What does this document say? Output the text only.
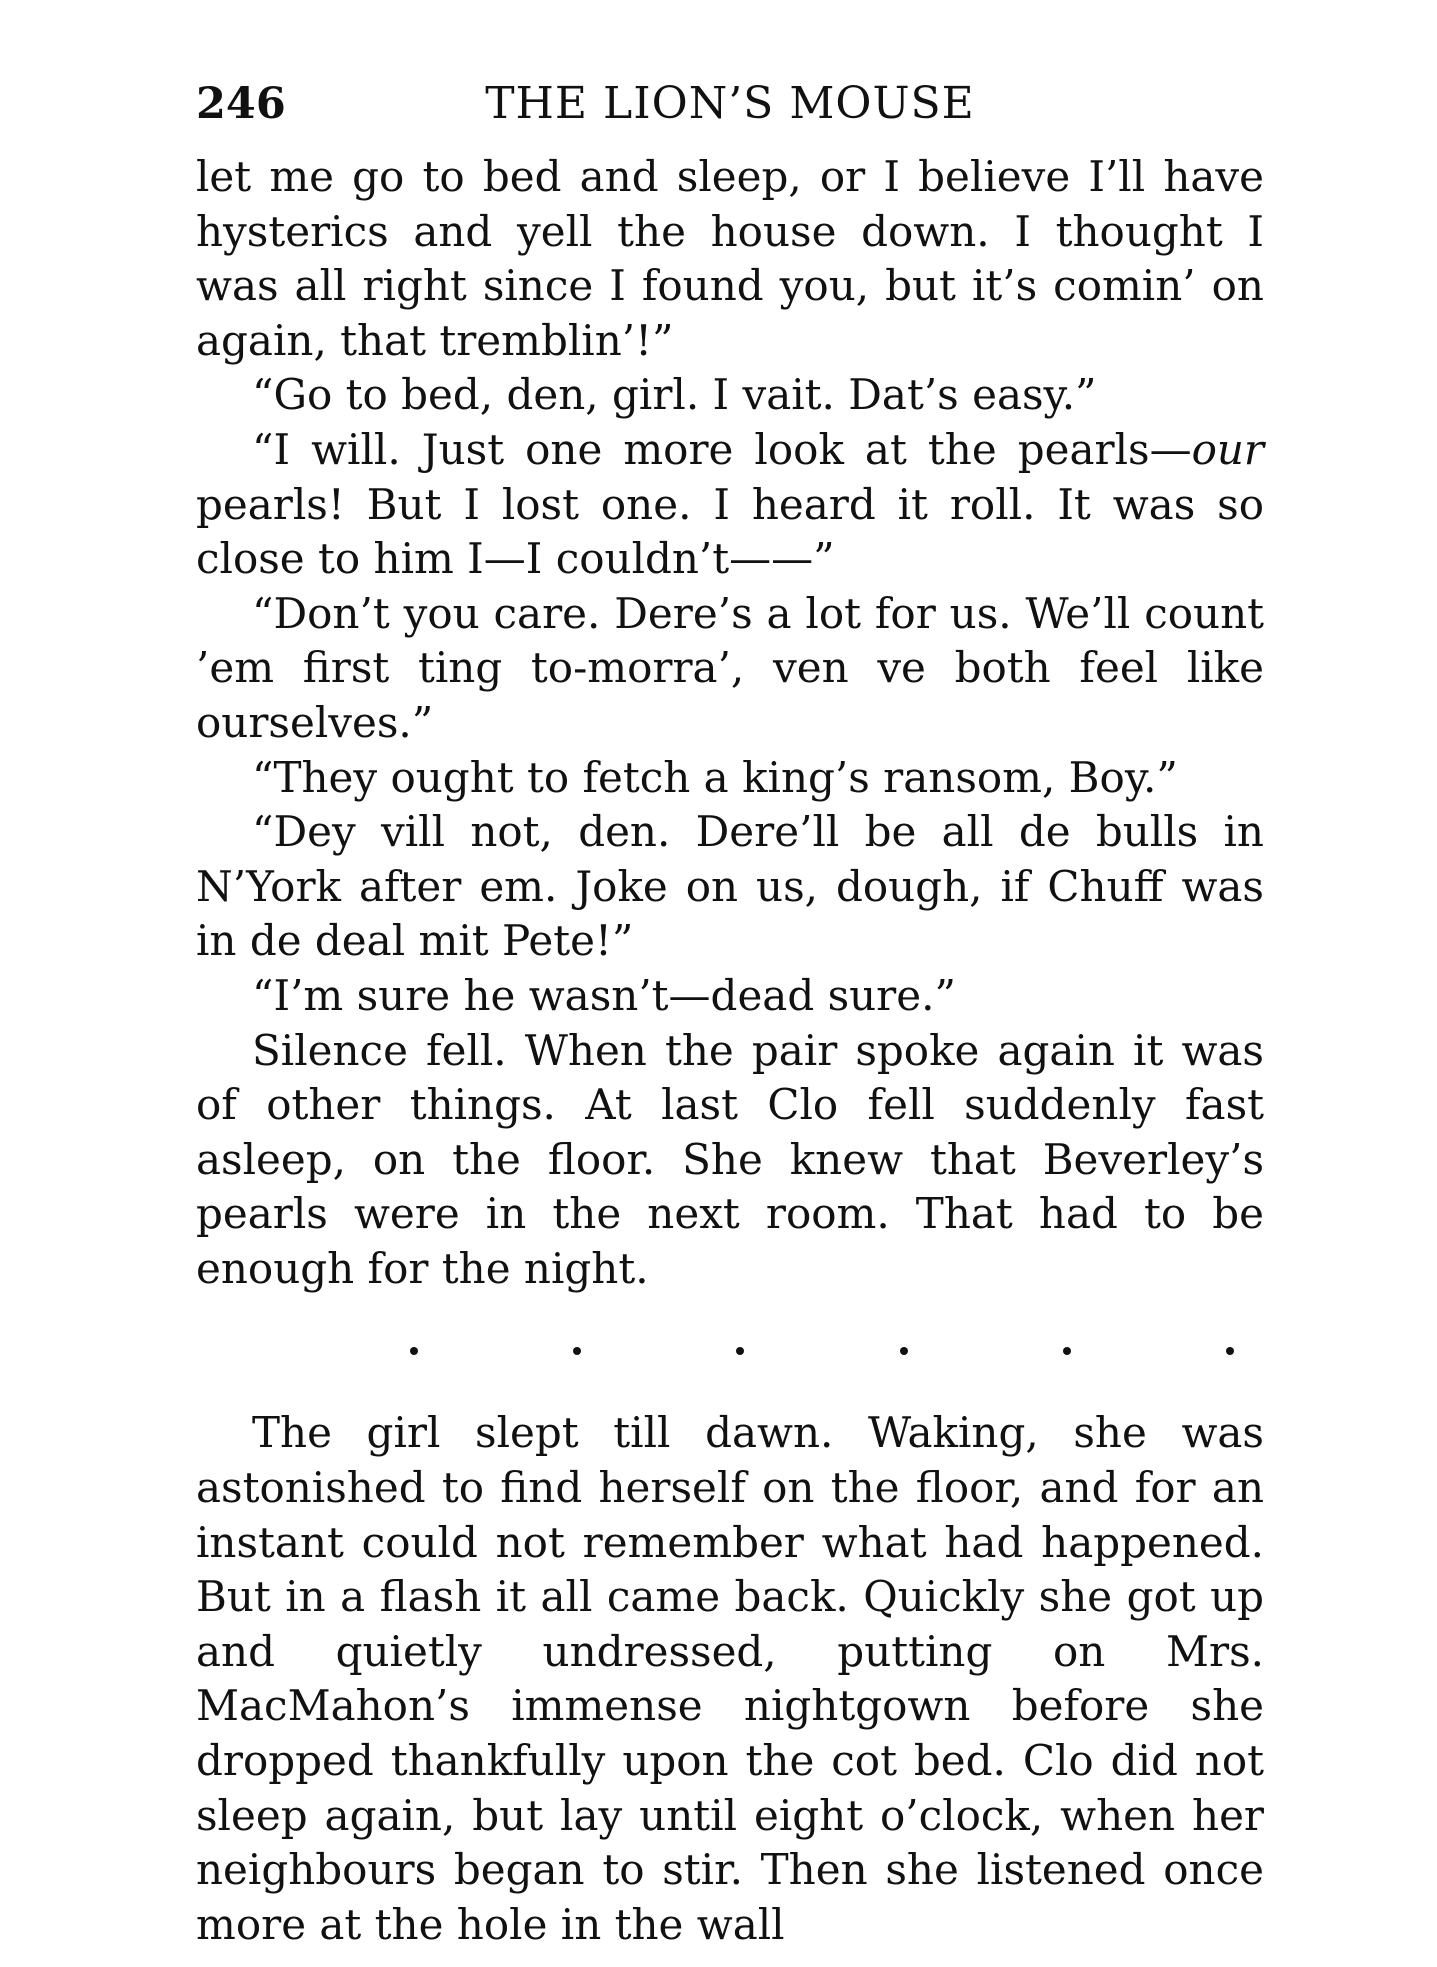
246	THE LION’S MOUSE

let me go to bed and sleep, or I believe I’ll have hysterics and yell the house down. I thought I was all right since I found you, but it’s comin’ on again, that tremblin’!”

“Go to bed, den, girl. I vait. Dat’s easy.”

“I will. Just one more look at the pearls—our pearls! But I lost one. I heard it roll. It was so close to him I—I couldn’t——”

“Don’t you care. Dere’s a lot for us. We’ll count ’em first ting to-morra’, ven ve both feel like ourselves.”

“They ought to fetch a king’s ransom, Boy.”

“Dey vill not, den. Dere’ll be all de bulls in N’York after em. Joke on us, dough, if Chuff was in de deal mit Pete!”

“I’m sure he wasn’t—dead sure.”

Silence fell. When the pair spoke again it was of other things. At last Clo fell suddenly fast asleep, on the floor. She knew that Beverley’s pearls were in the next room. That had to be enough for the night.

The girl slept till dawn. Waking, she was astonished to find herself on the floor, and for an instant could not remember what had happened. But in a flash it all came back. Quickly she got up and quietly undressed, putting on Mrs. MacMahon’s immense nightgown before she dropped thankfully upon the cot bed. Clo did not sleep again, but lay until eight o’clock, when her neighbours began to stir. Then she listened once more at the hole in the wall
